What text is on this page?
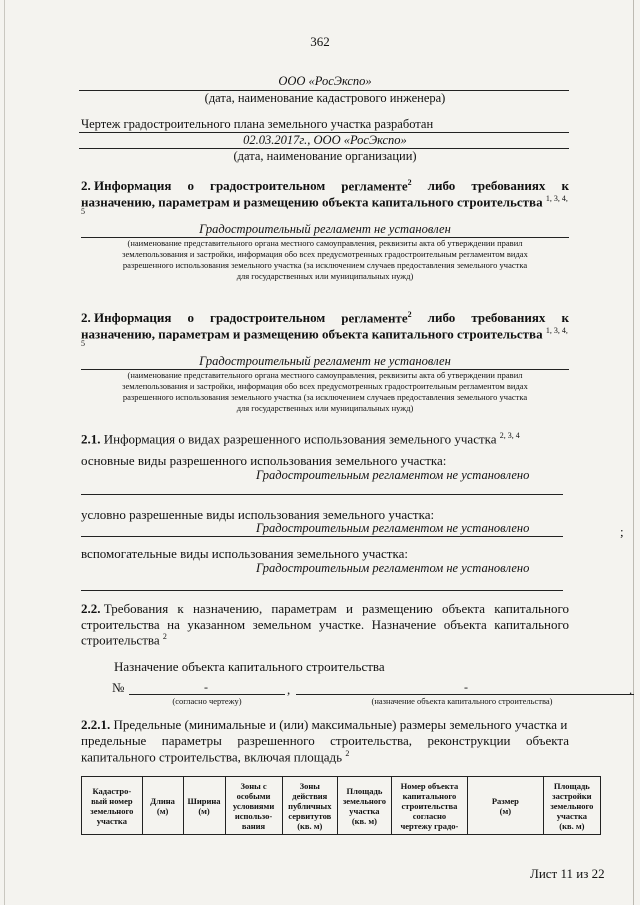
362
ООО «РосЭкспо»
(дата, наименование кадастрового инженера)
Чертеж градостроительного плана земельного участка разработан
02.03.2017г., ООО «РосЭкспо»
(дата, наименование организации)
2. Информация о градостроительном регламенте$^2$ либо требованиях к
назначению, параметрам и размещению объекта капитального строительства $^{1, 3, 4,}$
5
Градостроительный регламент не установлен
(наименование представительного органа местного самоуправления, реквизиты акта об утверждении правил
землепользования и застройки, информация обо всех предусмотренных градостроительным регламентом видах
разрешенного использования земельного участка (за исключением случаев предоставления земельного участка
для государственных или муниципальных нужд)
2. Информация о градостроительном регламенте$^2$ либо требованиях к
назначению, параметрам и размещению объекта капитального строительства $^{1, 3, 4,}$
5
Градостроительный регламент не установлен
(наименование представительного органа местного самоуправления, реквизиты акта об утверждении правил
землепользования и застройки, информация обо всех предусмотренных градостроительным регламентом видах
разрешенного использования земельного участка (за исключением случаев предоставления земельного участка
для государственных или муниципальных нужд)
2.1. Информация о видах разрешенного использования земельного участка $^{2, 3, 4}$
основные виды разрешенного использования земельного участка:
Градостроительным регламентом не установлено
условно разрешенные виды использования земельного участка:
Градостроительным регламентом не установлено	;
вспомогательные виды использования земельного участка:
Градостроительным регламентом не установлено
2.2. Требования к назначению, параметрам и размещению объекта капитального
строительства на указанном земельном участке. Назначение объекта капитального
строительства $^2$
Назначение объекта капитального строительства
№	-	,	-	.
(согласно чертежу)	(назначение объекта капитального строительства)
2.2.1. Предельные (минимальные и (или) максимальные) размеры земельного участка и
предельные параметры разрешенного строительства, реконструкции объекта
капитального строительства, включая площадь $^2$
Кадастро-
вый номер
земельного
участка	Длина
(м)	Ширина
(м)	Зоны с
особыми
условиями
использо-
вания	Зоны
действия
публичных
сервитутов
(кв. м)	Площадь
земельного
участка
(кв. м)	Номер объекта
капитального
строительства
согласно
чертежу градо-	Размер
(м)	Площадь
застройки
земельного
участка
(кв. м)
Лист 11 из 22
